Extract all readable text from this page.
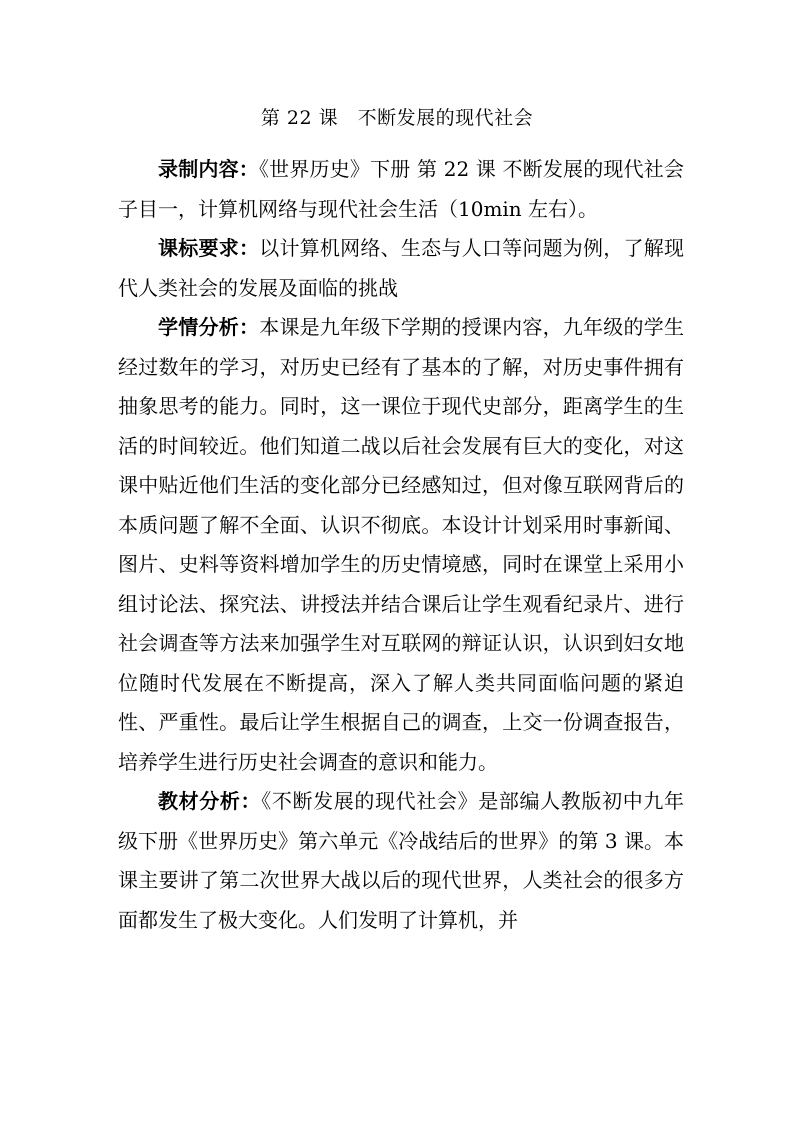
第 22 课　不断发展的现代社会

录制内容：《世界历史》下册 第 22 课 不断发展的现代社会子目一，计算机网络与现代社会生活（10min 左右）。

课标要求：以计算机网络、生态与人口等问题为例，了解现代人类社会的发展及面临的挑战

学情分析：本课是九年级下学期的授课内容，九年级的学生经过数年的学习，对历史已经有了基本的了解，对历史事件拥有抽象思考的能力。同时，这一课位于现代史部分，距离学生的生活的时间较近。他们知道二战以后社会发展有巨大的变化，对这课中贴近他们生活的变化部分已经感知过，但对像互联网背后的本质问题了解不全面、认识不彻底。本设计计划采用时事新闻、图片、史料等资料增加学生的历史情境感，同时在课堂上采用小组讨论法、探究法、讲授法并结合课后让学生观看纪录片、进行社会调查等方法来加强学生对互联网的辩证认识，认识到妇女地位随时代发展在不断提高，深入了解人类共同面临问题的紧迫性、严重性。最后让学生根据自己的调查，上交一份调查报告，培养学生进行历史社会调查的意识和能力。

教材分析：《不断发展的现代社会》是部编人教版初中九年级下册《世界历史》第六单元《冷战结后的世界》的第 3 课。本课主要讲了第二次世界大战以后的现代世界，人类社会的很多方面都发生了极大变化。人们发明了计算机，并
